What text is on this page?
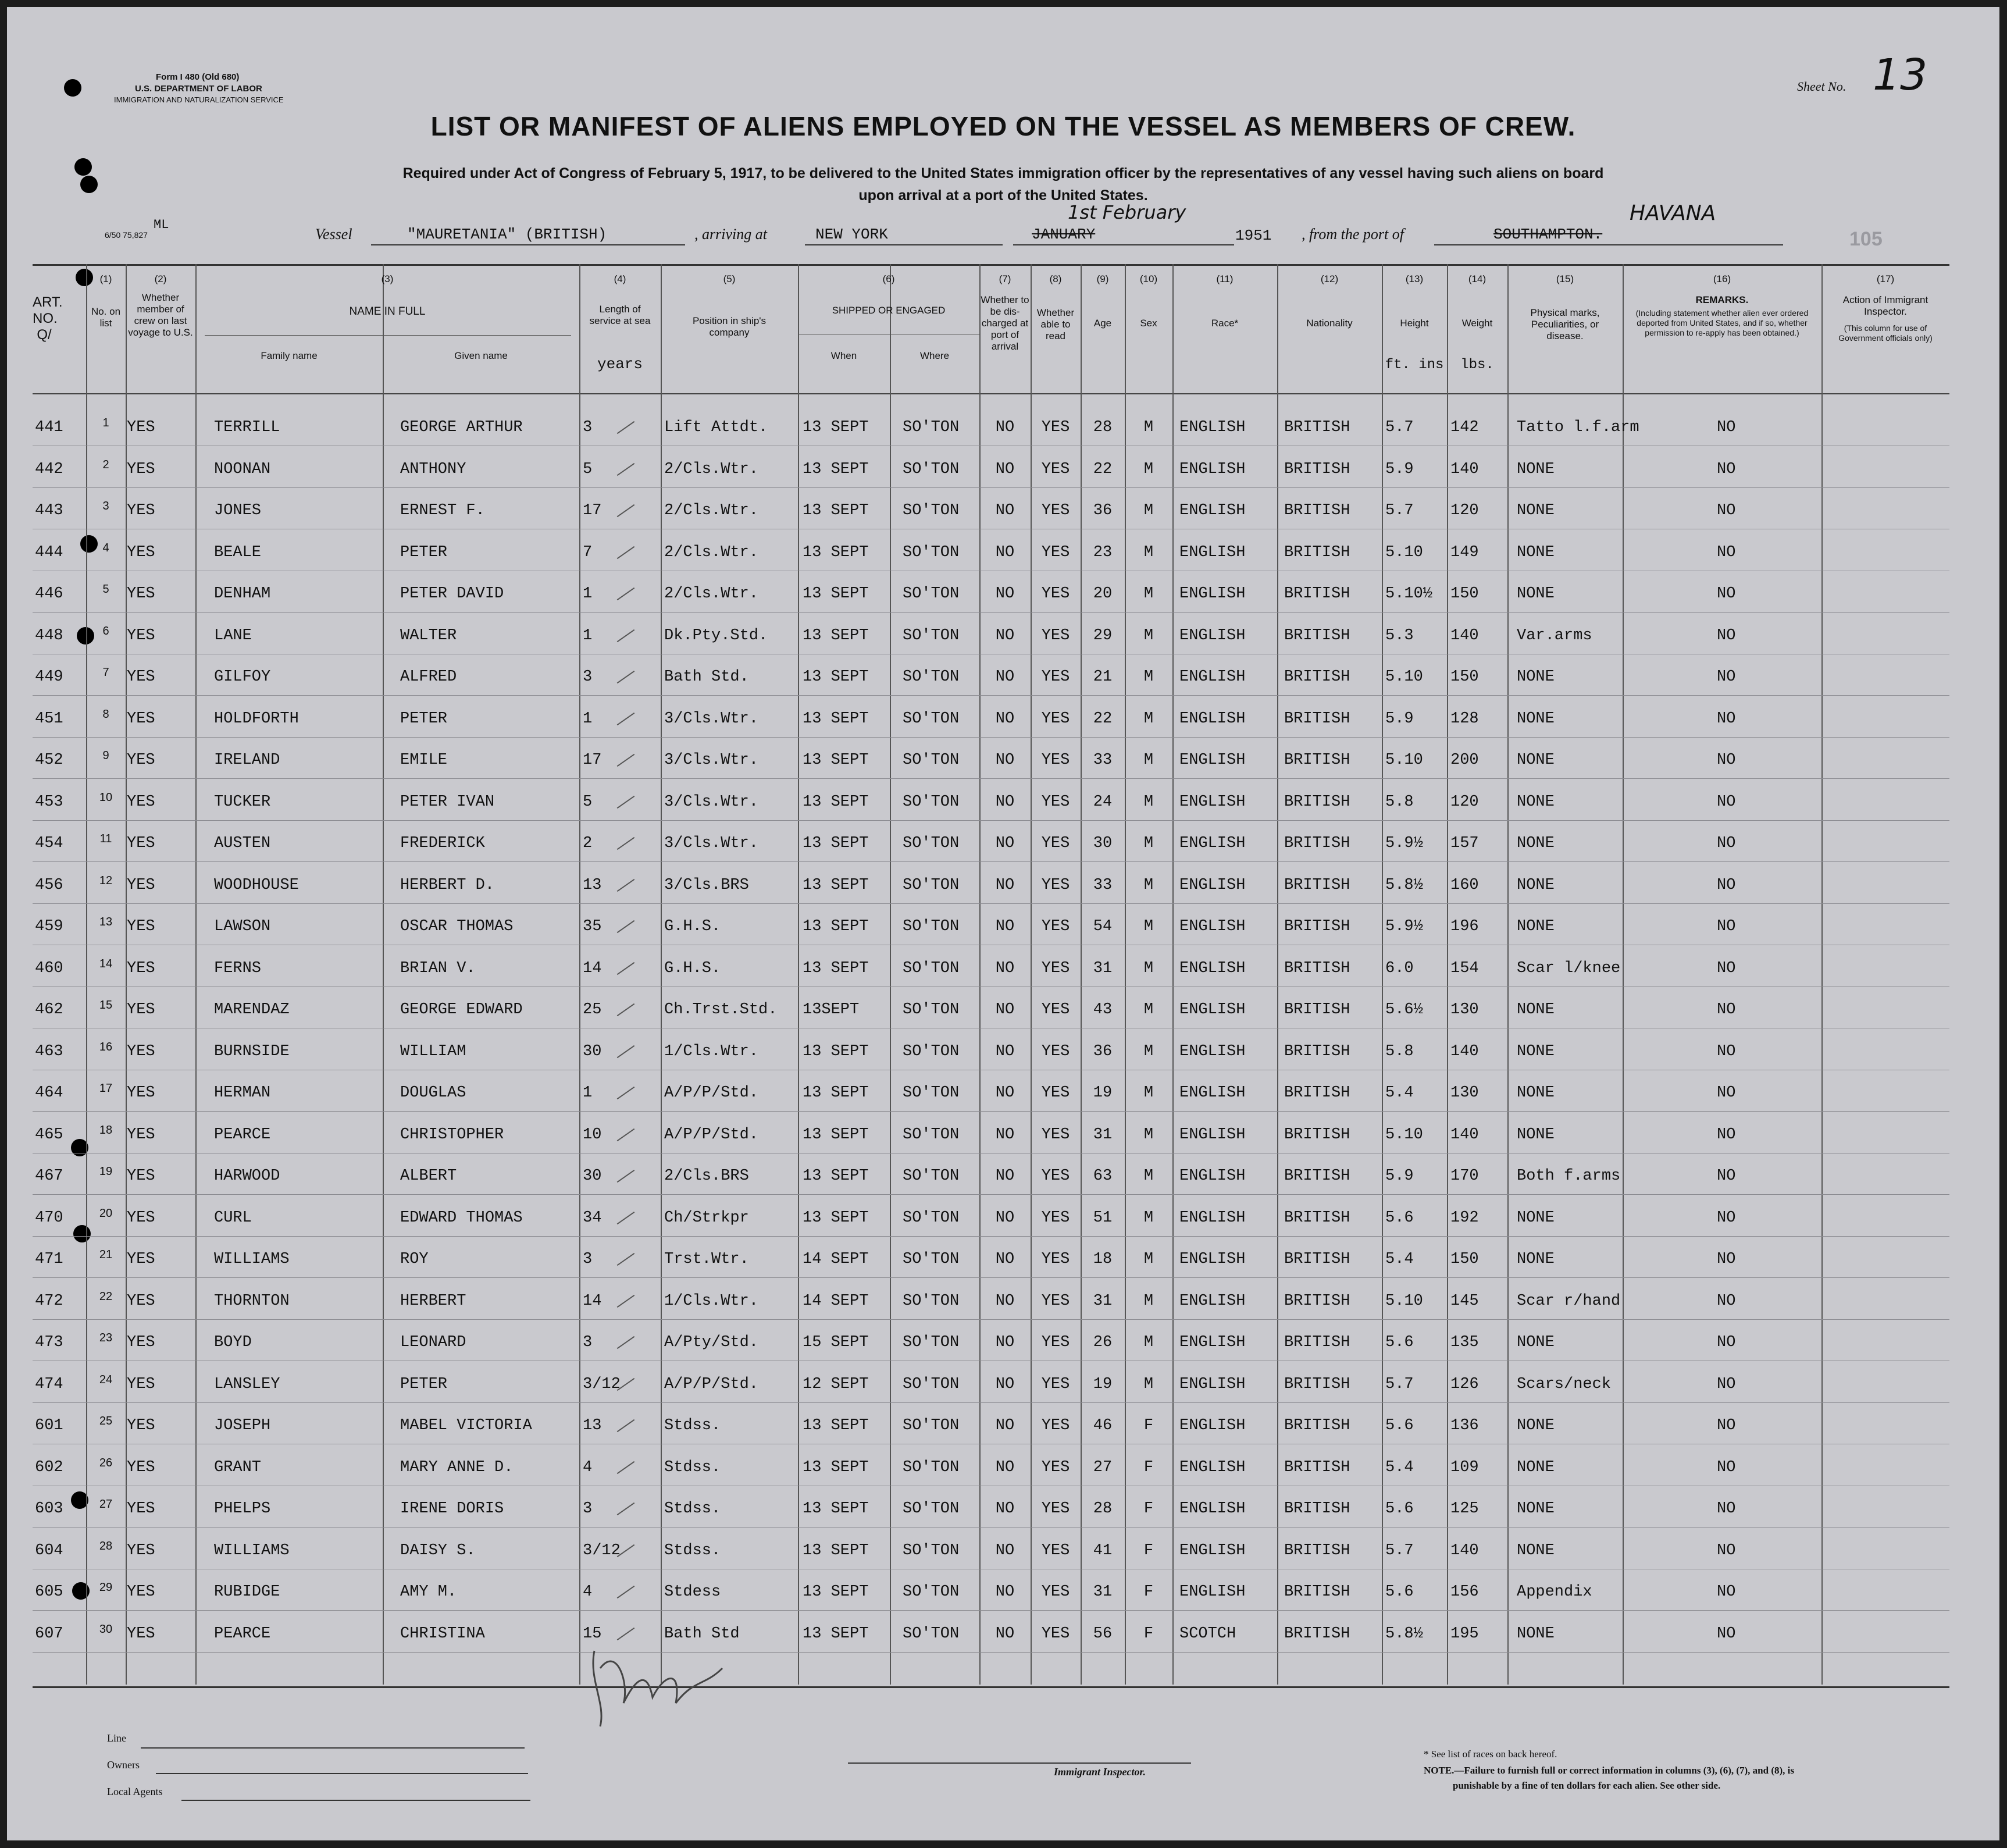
Form I 480 (Old 680)
U.S. DEPARTMENT OF LABOR
IMMIGRATION AND NATURALIZATION SERVICE
6/50 75,827
ML
Sheet No. 13
LIST OR MANIFEST OF ALIENS EMPLOYED ON THE VESSEL AS MEMBERS OF CREW.
Required under Act of Congress of February 5, 1917, to be delivered to the United States immigration officer by the representatives of any vessel having such aliens on board
upon arrival at a port of the United States.
Vessel	"MAURETANIA" (BRITISH)	, arriving at	NEW YORK	JANUARY
1st February
1951 , from the port of	SOUTHAMPTON.
HAVANA
105
ART. NO. Q/
(1)
No. on list
(2)
Whether member of crew on last voyage to U.S.
(3)
NAME IN FULL
Family name	Given name
(4)
Length of service at sea
years
(5)
Position in ship's company
(6)
SHIPPED OR ENGAGED
When	Where
(7)
Whether to be dis-charged at port of arrival
(8)
Whether able to read
(9)
Age
(10)
Sex
(11)
Race*
(12)
Nationality
(13)
Height
ft. ins
(14)
Weight
lbs.
(15)
Physical marks, Peculiarities, or disease.
(16)
REMARKS.
(Including statement whether alien ever ordered deported from United States, and if so, whether permission to re-apply has been obtained.)
(17)
Action of Immigrant Inspector.
(This column for use of Government officials only)
441	1	YES	TERRILL	GEORGE ARTHUR	3	Lift Attdt.	13 SEPT	SO'TON	NO	YES	28	M	ENGLISH	BRITISH	5.7	142	Tatto l.f.arm	NO
442	2	YES	NOONAN	ANTHONY	5	2/Cls.Wtr.	13 SEPT	SO'TON	NO	YES	22	M	ENGLISH	BRITISH	5.9	140	NONE	NO
443	3	YES	JONES	ERNEST F.	17	2/Cls.Wtr.	13 SEPT	SO'TON	NO	YES	36	M	ENGLISH	BRITISH	5.7	120	NONE	NO
444	4	YES	BEALE	PETER	7	2/Cls.Wtr.	13 SEPT	SO'TON	NO	YES	23	M	ENGLISH	BRITISH	5.10	149	NONE	NO
446	5	YES	DENHAM	PETER DAVID	1	2/Cls.Wtr.	13 SEPT	SO'TON	NO	YES	20	M	ENGLISH	BRITISH	5.10½	150	NONE	NO
448	6	YES	LANE	WALTER	1	Dk.Pty.Std.	13 SEPT	SO'TON	NO	YES	29	M	ENGLISH	BRITISH	5.3	140	Var.arms	NO
449	7	YES	GILFOY	ALFRED	3	Bath Std.	13 SEPT	SO'TON	NO	YES	21	M	ENGLISH	BRITISH	5.10	150	NONE	NO
451	8	YES	HOLDFORTH	PETER	1	3/Cls.Wtr.	13 SEPT	SO'TON	NO	YES	22	M	ENGLISH	BRITISH	5.9	128	NONE	NO
452	9	YES	IRELAND	EMILE	17	3/Cls.Wtr.	13 SEPT	SO'TON	NO	YES	33	M	ENGLISH	BRITISH	5.10	200	NONE	NO
453	10 YES	TUCKER	PETER IVAN	5	3/Cls.Wtr.	13 SEPT	SO'TON	NO	YES	24	M	ENGLISH	BRITISH	5.8	120	NONE	NO
454	11 YES	AUSTEN	FREDERICK	2	3/Cls.Wtr.	13 SEPT	SO'TON	NO	YES	30	M	ENGLISH	BRITISH	5.9½	157	NONE	NO
456	12 YES	WOODHOUSE	HERBERT D.	13	3/Cls.BRS	13 SEPT	SO'TON	NO	YES	33	M	ENGLISH	BRITISH	5.8½	160	NONE	NO
459	13 YES	LAWSON	OSCAR THOMAS	35	G.H.S.	13 SEPT	SO'TON	NO	YES	54	M	ENGLISH	BRITISH	5.9½	196	NONE	NO
460	14 YES	FERNS	BRIAN V.	14	G.H.S.	13 SEPT	SO'TON	NO	YES	31	M	ENGLISH	BRITISH	6.0	154	Scar l/knee	NO
462	15 YES	MARENDAZ	GEORGE EDWARD	25	Ch.Trst.Std.	13SEPT	SO'TON	NO	YES	43	M	ENGLISH	BRITISH	5.6½	130	NONE	NO
463	16 YES	BURNSIDE	WILLIAM	30	1/Cls.Wtr.	13 SEPT	SO'TON	NO	YES	36	M	ENGLISH	BRITISH	5.8	140	NONE	NO
464	17 YES	HERMAN	DOUGLAS	1	A/P/P/Std.	13 SEPT	SO'TON	NO	YES	19	M	ENGLISH	BRITISH	5.4	130	NONE	NO
465	18 YES	PEARCE	CHRISTOPHER	10	A/P/P/Std.	13 SEPT	SO'TON	NO	YES	31	M	ENGLISH	BRITISH	5.10	140	NONE	NO
467	19 YES	HARWOOD	ALBERT	30	2/Cls.BRS	13 SEPT	SO'TON	NO	YES	63	M	ENGLISH	BRITISH	5.9	170	Both f.arms	NO
470	20 YES	CURL	EDWARD THOMAS	34	Ch/Strkpr	13 SEPT	SO'TON	NO	YES	51	M	ENGLISH	BRITISH	5.6	192	NONE	NO
471	21 YES	WILLIAMS	ROY	3	Trst.Wtr.	14 SEPT	SO'TON	NO	YES	18	M	ENGLISH	BRITISH	5.4	150	NONE	NO
472	22 YES	THORNTON	HERBERT	14	1/Cls.Wtr.	14 SEPT	SO'TON	NO	YES	31	M	ENGLISH	BRITISH	5.10	145	Scar r/hand	NO
473	23 YES	BOYD	LEONARD	3	A/Pty/Std.	15 SEPT	SO'TON	NO	YES	26	M	ENGLISH	BRITISH	5.6	135	NONE	NO
474	24 YES	LANSLEY	PETER	3/12	A/P/P/Std.	12 SEPT	SO'TON	NO	YES	19	M	ENGLISH	BRITISH	5.7	126	Scars/neck	NO
601	25 YES	JOSEPH	MABEL VICTORIA	13	Stdss.	13 SEPT	SO'TON	NO	YES	46	F	ENGLISH	BRITISH	5.6	136	NONE	NO
602	26 YES	GRANT	MARY ANNE D.	4	Stdss.	13 SEPT	SO'TON	NO	YES	27	F	ENGLISH	BRITISH	5.4	109	NONE	NO
603	27 YES	PHELPS	IRENE DORIS	3	Stdss.	13 SEPT	SO'TON	NO	YES	28	F	ENGLISH	BRITISH	5.6	125	NONE	NO
604	28 YES	WILLIAMS	DAISY S.	3/12	Stdss.	13 SEPT	SO'TON	NO	YES	41	F	ENGLISH	BRITISH	5.7	140	NONE	NO
605	29 YES	RUBIDGE	AMY M.	4	Stdess	13 SEPT	SO'TON	NO	YES	31	F	ENGLISH	BRITISH	5.6	156	Appendix	NO
607	30 YES	PEARCE	CHRISTINA	15	Bath Std	13 SEPT	SO'TON	NO	YES	56	F	SCOTCH	BRITISH	5.8½	195	NONE	NO
Line
Owners
Local Agents
Immigrant Inspector.
* See list of races on back hereof.
NOTE.—Failure to furnish full or correct information in columns (3), (6), (7), and (8), is
punishable by a fine of ten dollars for each alien. See other side.
